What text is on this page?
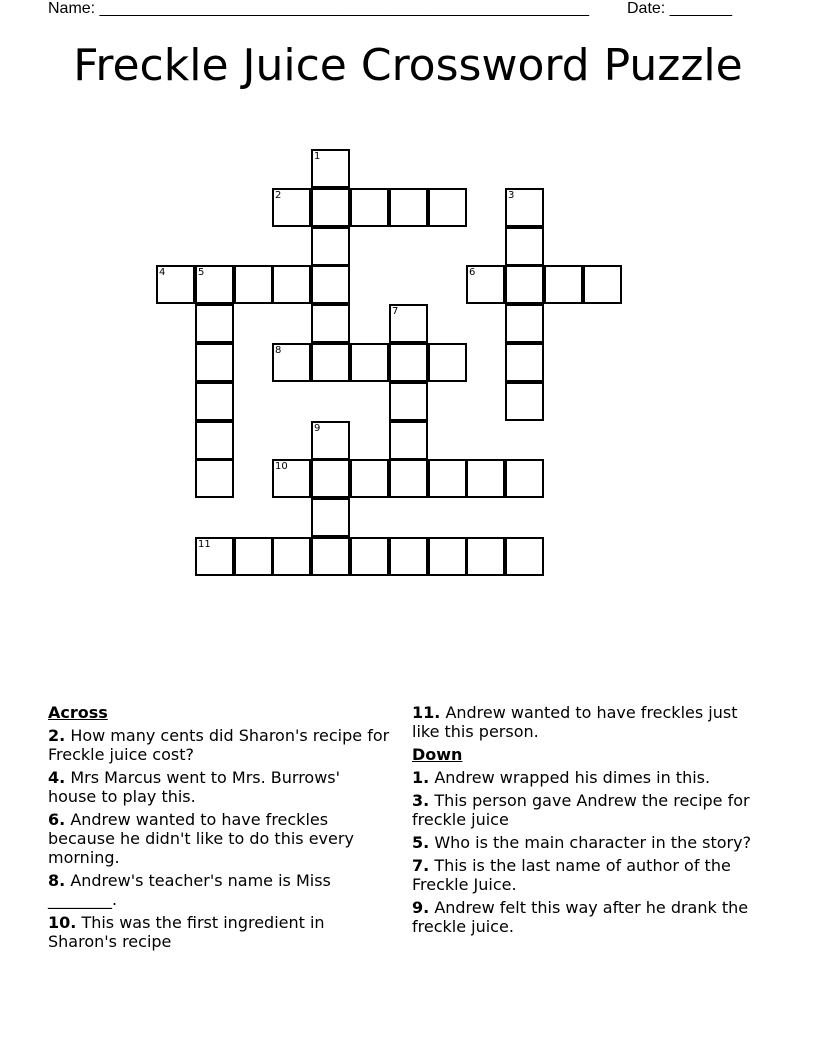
Name: _______________________________________________________ Date: _______
Freckle Juice Crossword Puzzle
1
2	3
4	5	6
7
8
9
10
11
Across
2. How many cents did Sharon's recipe for Freckle juice cost?
4. Mrs Marcus went to Mrs. Burrows' house to play this.
6. Andrew wanted to have freckles because he didn't like to do this every morning.
8. Andrew's teacher's name is Miss ________.
10. This was the first ingredient in Sharon's recipe
11. Andrew wanted to have freckles just like this person.
Down
1. Andrew wrapped his dimes in this.
3. This person gave Andrew the recipe for freckle juice
5. Who is the main character in the story?
7. This is the last name of author of the Freckle Juice.
9. Andrew felt this way after he drank the freckle juice.
